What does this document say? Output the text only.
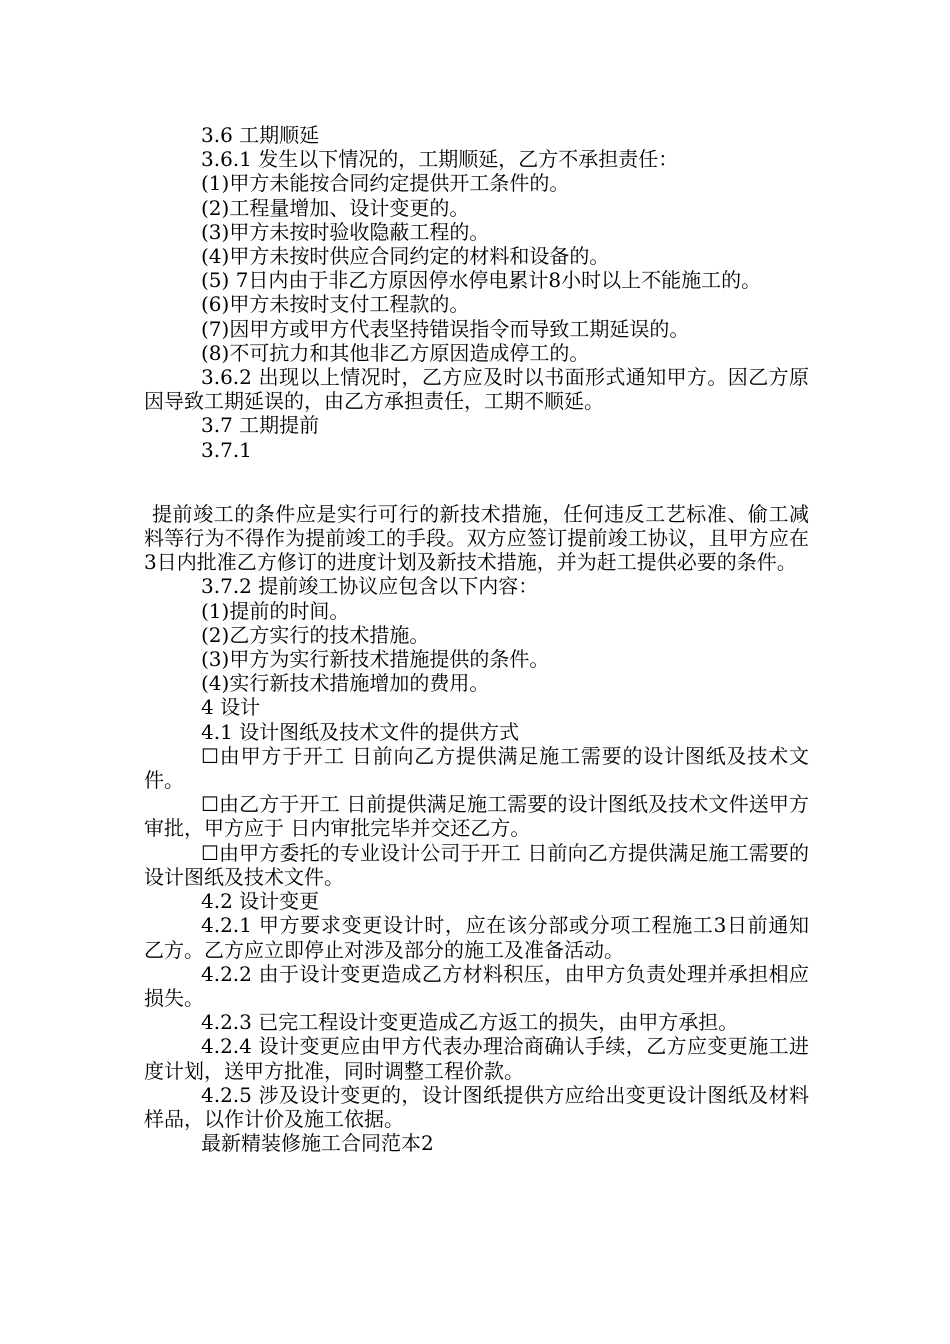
3.6 工期顺延

3.6.1 发生以下情况的，工期顺延，乙方不承担责任：

(1)甲方未能按合同约定提供开工条件的。

(2)工程量增加、设计变更的。

(3)甲方未按时验收隐蔽工程的。

(4)甲方未按时供应合同约定的材料和设备的。

(5) 7日内由于非乙方原因停水停电累计8小时以上不能施工的。

(6)甲方未按时支付工程款的。

(7)因甲方或甲方代表坚持错误指令而导致工期延误的。

(8)不可抗力和其他非乙方原因造成停工的。

3.6.2 出现以上情况时，乙方应及时以书面形式通知甲方。因乙方原因导致工期延误的，由乙方承担责任，工期不顺延。

3.7 工期提前

3.7.1

提前竣工的条件应是实行可行的新技术措施，任何违反工艺标准、偷工减料等行为不得作为提前竣工的手段。双方应签订提前竣工协议，且甲方应在3日内批准乙方修订的进度计划及新技术措施，并为赶工提供必要的条件。

3.7.2 提前竣工协议应包含以下内容：

(1)提前的时间。

(2)乙方实行的技术措施。

(3)甲方为实行新技术措施提供的条件。

(4)实行新技术措施增加的费用。

4 设计

4.1 设计图纸及技术文件的提供方式

☐由甲方于开工 日前向乙方提供满足施工需要的设计图纸及技术文件。

☐由乙方于开工 日前提供满足施工需要的设计图纸及技术文件送甲方审批，甲方应于 日内审批完毕并交还乙方。

☐由甲方委托的专业设计公司于开工 日前向乙方提供满足施工需要的设计图纸及技术文件。

4.2 设计变更

4.2.1 甲方要求变更设计时，应在该分部或分项工程施工3日前通知乙方。乙方应立即停止对涉及部分的施工及准备活动。

4.2.2 由于设计变更造成乙方材料积压，由甲方负责处理并承担相应损失。

4.2.3 已完工程设计变更造成乙方返工的损失，由甲方承担。

4.2.4 设计变更应由甲方代表办理洽商确认手续，乙方应变更施工进度计划，送甲方批准，同时调整工程价款。

4.2.5 涉及设计变更的，设计图纸提供方应给出变更设计图纸及材料样品，以作计价及施工依据。

最新精装修施工合同范本2
